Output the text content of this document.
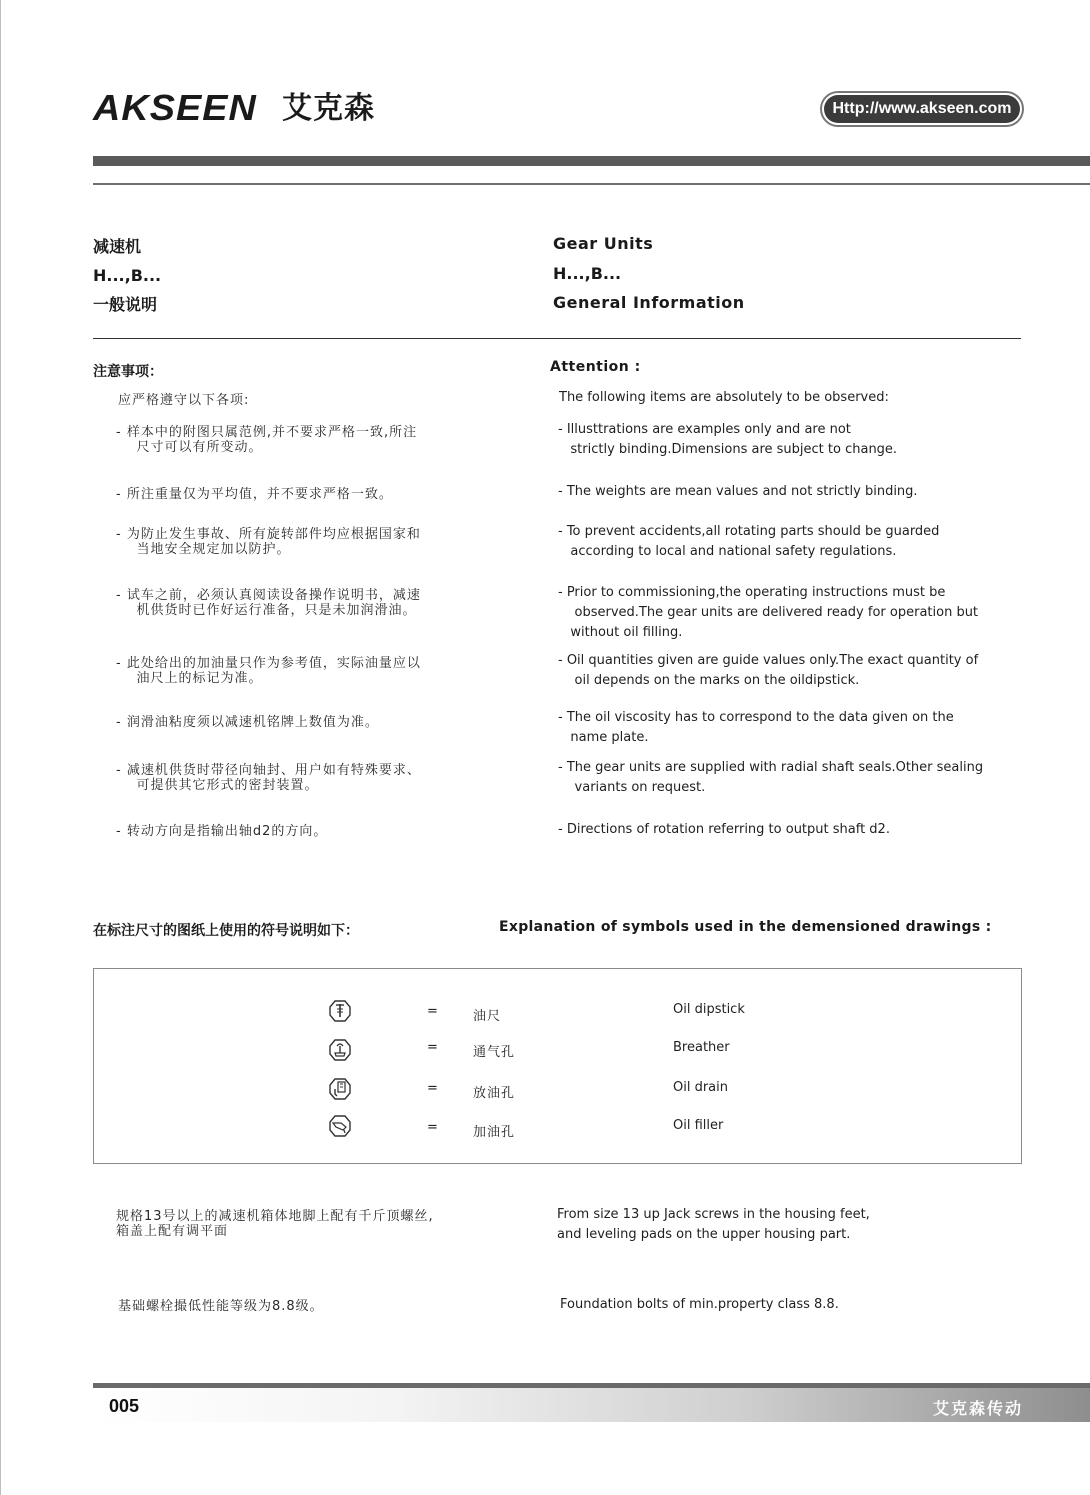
AKSEEN 艾克森	Http://www.akseen.com
减速机
H...,B...
一般说明
Gear Units
H...,B...
General Information
注意事项：	Attention :
应严格遵守以下各项:	The following items are absolutely to be observed:
- 样本中的附图只属范例,并不要求严格一致,所注
尺寸可以有所变动。
- 所注重量仅为平均值，并不要求严格一致。
- 为防止发生事故、所有旋转部件均应根据国家和
当地安全规定加以防护。
- 试车之前，必须认真阅读设备操作说明书，减速
机供货时已作好运行准备，只是未加润滑油。
- 此处给出的加油量只作为参考值，实际油量应以
油尺上的标记为准。
- 润滑油粘度须以减速机铭牌上数值为准。
- 减速机供货时带径向轴封、用户如有特殊要求、
可提供其它形式的密封装置。
- 转动方向是指输出轴d2的方向。
- Illusttrations are examples only and are not
strictly binding.Dimensions are subject to change.
- The weights are mean values and not strictly binding.
- To prevent accidents,all rotating parts should be guarded
according to local and national safety regulations.
- Prior to commissioning,the operating instructions must be
observed.The gear units are delivered ready for operation but
without oil filling.
- Oil quantities given are guide values only.The exact quantity of
oil depends on the marks on the oildipstick.
- The oil viscosity has to correspond to the data given on the
name plate.
- The gear units are supplied with radial shaft seals.Other sealing
variants on request.
- Directions of rotation referring to output shaft d2.
在标注尺寸的图纸上使用的符号说明如下：	Explanation of symbols used in the demensioned drawings :
=	油尺	Oil dipstick
=	通气孔	Breather
=	放油孔	Oil drain
=	加油孔	Oil filler
规格13号以上的减速机箱体地脚上配有千斤顶螺丝,
箱盖上配有调平面
From size 13 up Jack screws in the housing feet,
and leveling pads on the upper housing part.
基础螺栓撮低性能等级为8.8级。	Foundation bolts of min.property class 8.8.
005	艾克森传动
